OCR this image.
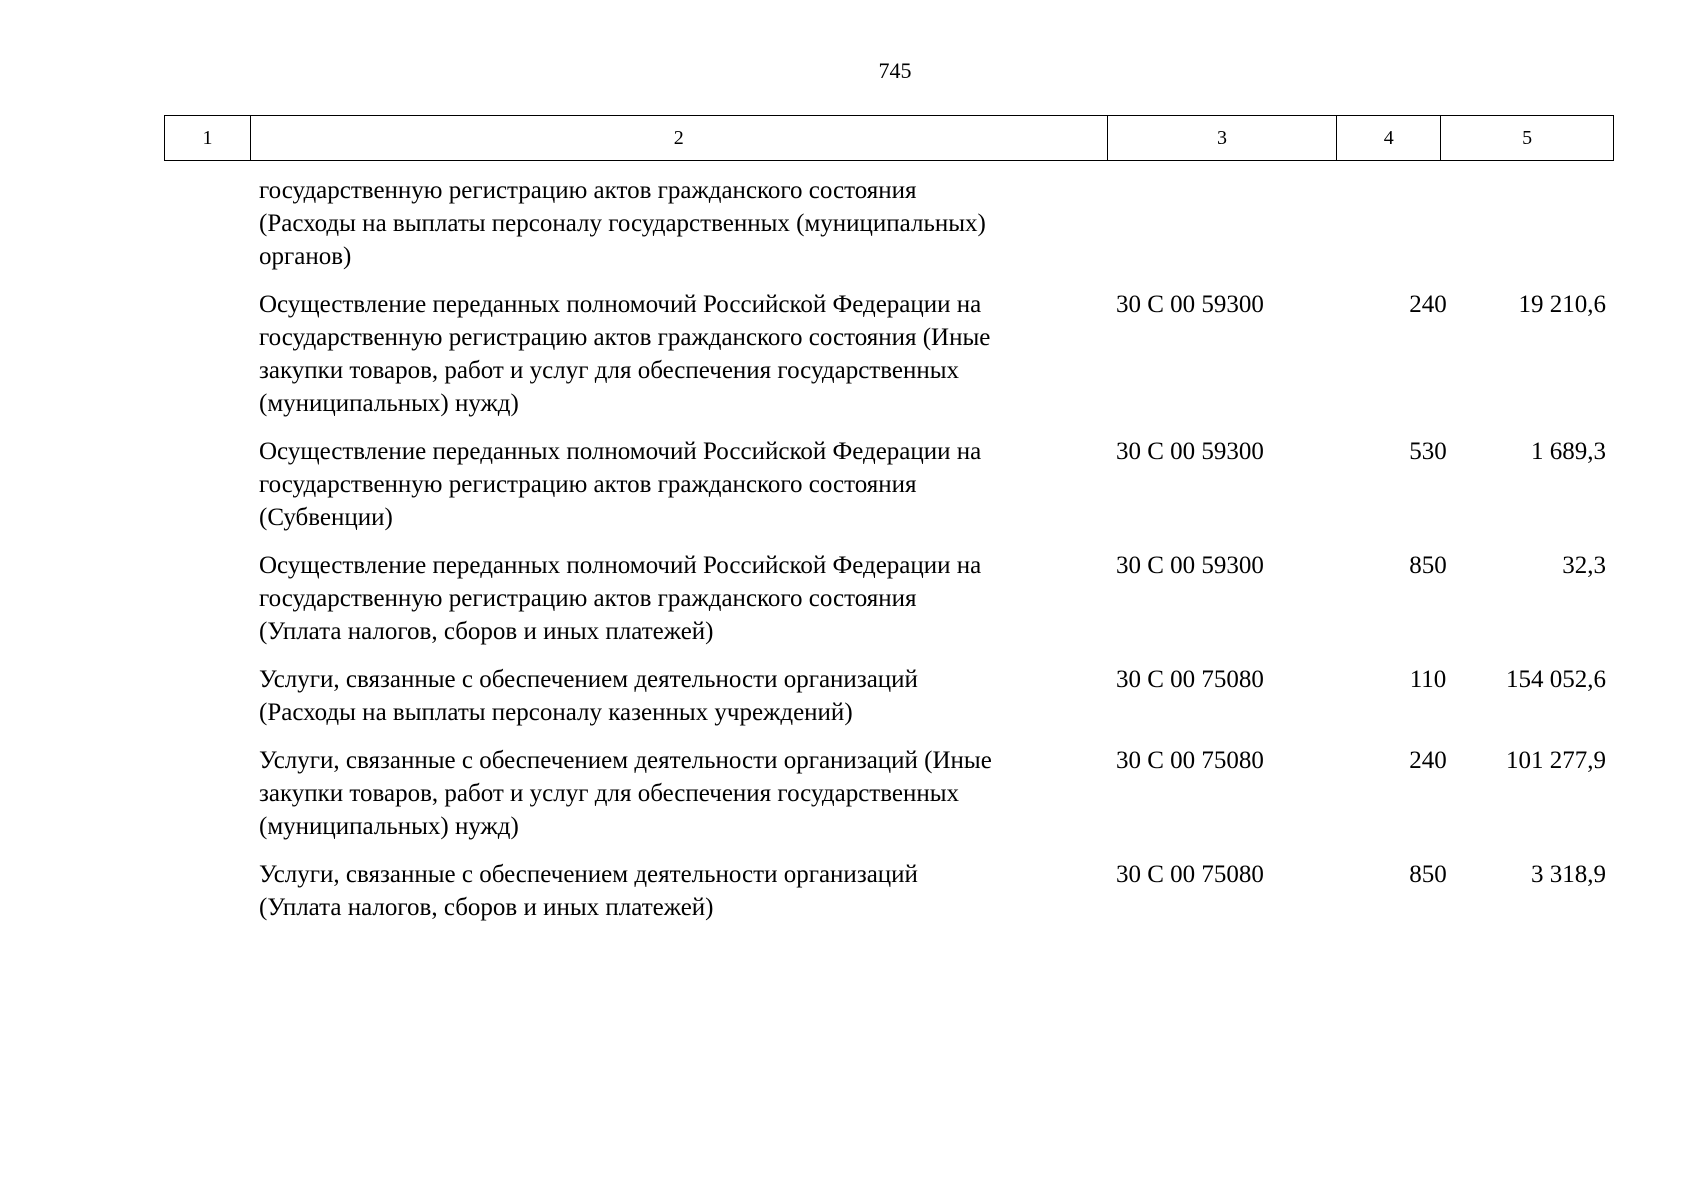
745
1	2	3	4	5
государственную регистрацию актов гражданского состояния
(Расходы на выплаты персоналу государственных (муниципальных)
органов)
Осуществление переданных полномочий Российской Федерации на
государственную регистрацию актов гражданского состояния (Иные
закупки товаров, работ и услуг для обеспечения государственных
(муниципальных) нужд)
30 С 00 59300	240	19 210,6
Осуществление переданных полномочий Российской Федерации на
государственную регистрацию актов гражданского состояния
(Субвенции)
30 С 00 59300	530	1 689,3
Осуществление переданных полномочий Российской Федерации на
государственную регистрацию актов гражданского состояния
(Уплата налогов, сборов и иных платежей)
30 С 00 59300	850	32,3
Услуги, связанные с обеспечением деятельности организаций
(Расходы на выплаты персоналу казенных учреждений)
30 С 00 75080	110	154 052,6
Услуги, связанные с обеспечением деятельности организаций (Иные
закупки товаров, работ и услуг для обеспечения государственных
(муниципальных) нужд)
30 С 00 75080	240	101 277,9
Услуги, связанные с обеспечением деятельности организаций
(Уплата налогов, сборов и иных платежей)
30 С 00 75080	850	3 318,9
